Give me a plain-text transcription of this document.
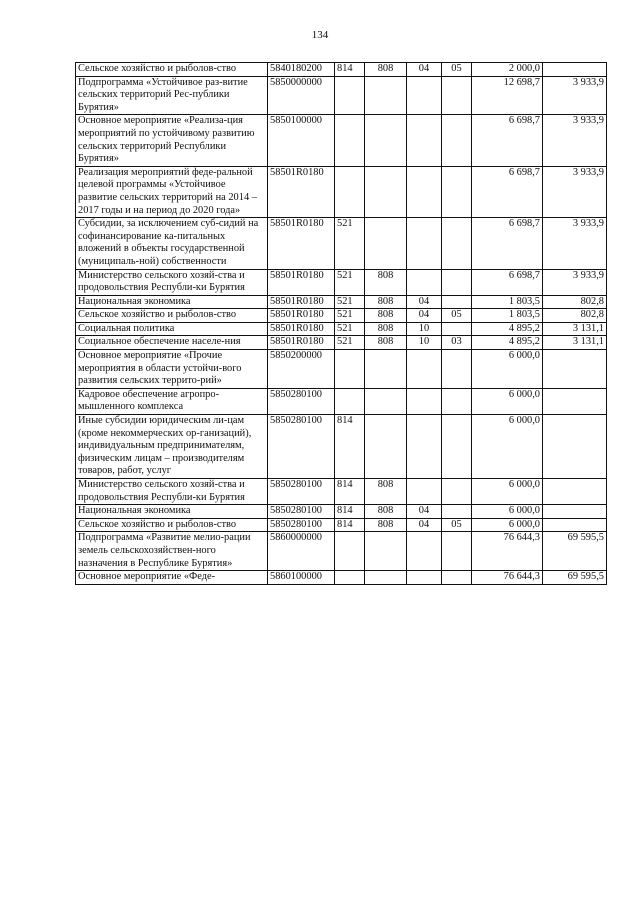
134
Сельское хозяйство и рыболов-ство	5840180200	814	808	04	05	2 000,0	
Подпрограмма «Устойчивое раз-витие сельских территорий Рес-публики Бурятия»	5850000000					12 698,7	3 933,9
Основное мероприятие «Реализа-ция мероприятий по устойчивому развитию сельских территорий Республики Бурятия»	5850100000					6 698,7	3 933,9
Реализация мероприятий феде-ральной целевой программы «Устойчивое развитие сельских территорий на 2014 – 2017 годы и на период до 2020 года»	58501R0180					6 698,7	3 933,9
Субсидии, за исключением суб-сидий на софинансирование ка-питальных вложений в объекты государственной (муниципаль-ной) собственности	58501R0180	521				6 698,7	3 933,9
Министерство сельского хозяй-ства и продовольствия Республи-ки Бурятия	58501R0180	521	808			6 698,7	3 933,9
Национальная экономика	58501R0180	521	808	04		1 803,5	802,8
Сельское хозяйство и рыболов-ство	58501R0180	521	808	04	05	1 803,5	802,8
Социальная политика	58501R0180	521	808	10		4 895,2	3 131,1
Социальное обеспечение населе-ния	58501R0180	521	808	10	03	4 895,2	3 131,1
Основное мероприятие «Прочие мероприятия в области устойчи-вого развития сельских террито-рий»	5850200000					6 000,0	
Кадровое обеспечение агропро-мышленного комплекса	5850280100					6 000,0	
Иные субсидии юридическим ли-цам (кроме некоммерческих ор-ганизаций), индивидуальным предпринимателям, физическим лицам – производителям товаров, работ, услуг	5850280100	814				6 000,0	
Министерство сельского хозяй-ства и продовольствия Республи-ки Бурятия	5850280100	814	808			6 000,0	
Национальная экономика	5850280100	814	808	04		6 000,0	
Сельское хозяйство и рыболов-ство	5850280100	814	808	04	05	6 000,0	
Подпрограмма «Развитие мелио-рации земель сельскохозяйствен-ного назначения в Республике Бурятия»	5860000000					76 644,3	69 595,5
Основное мероприятие «Феде-	5860100000					76 644,3	69 595,5
